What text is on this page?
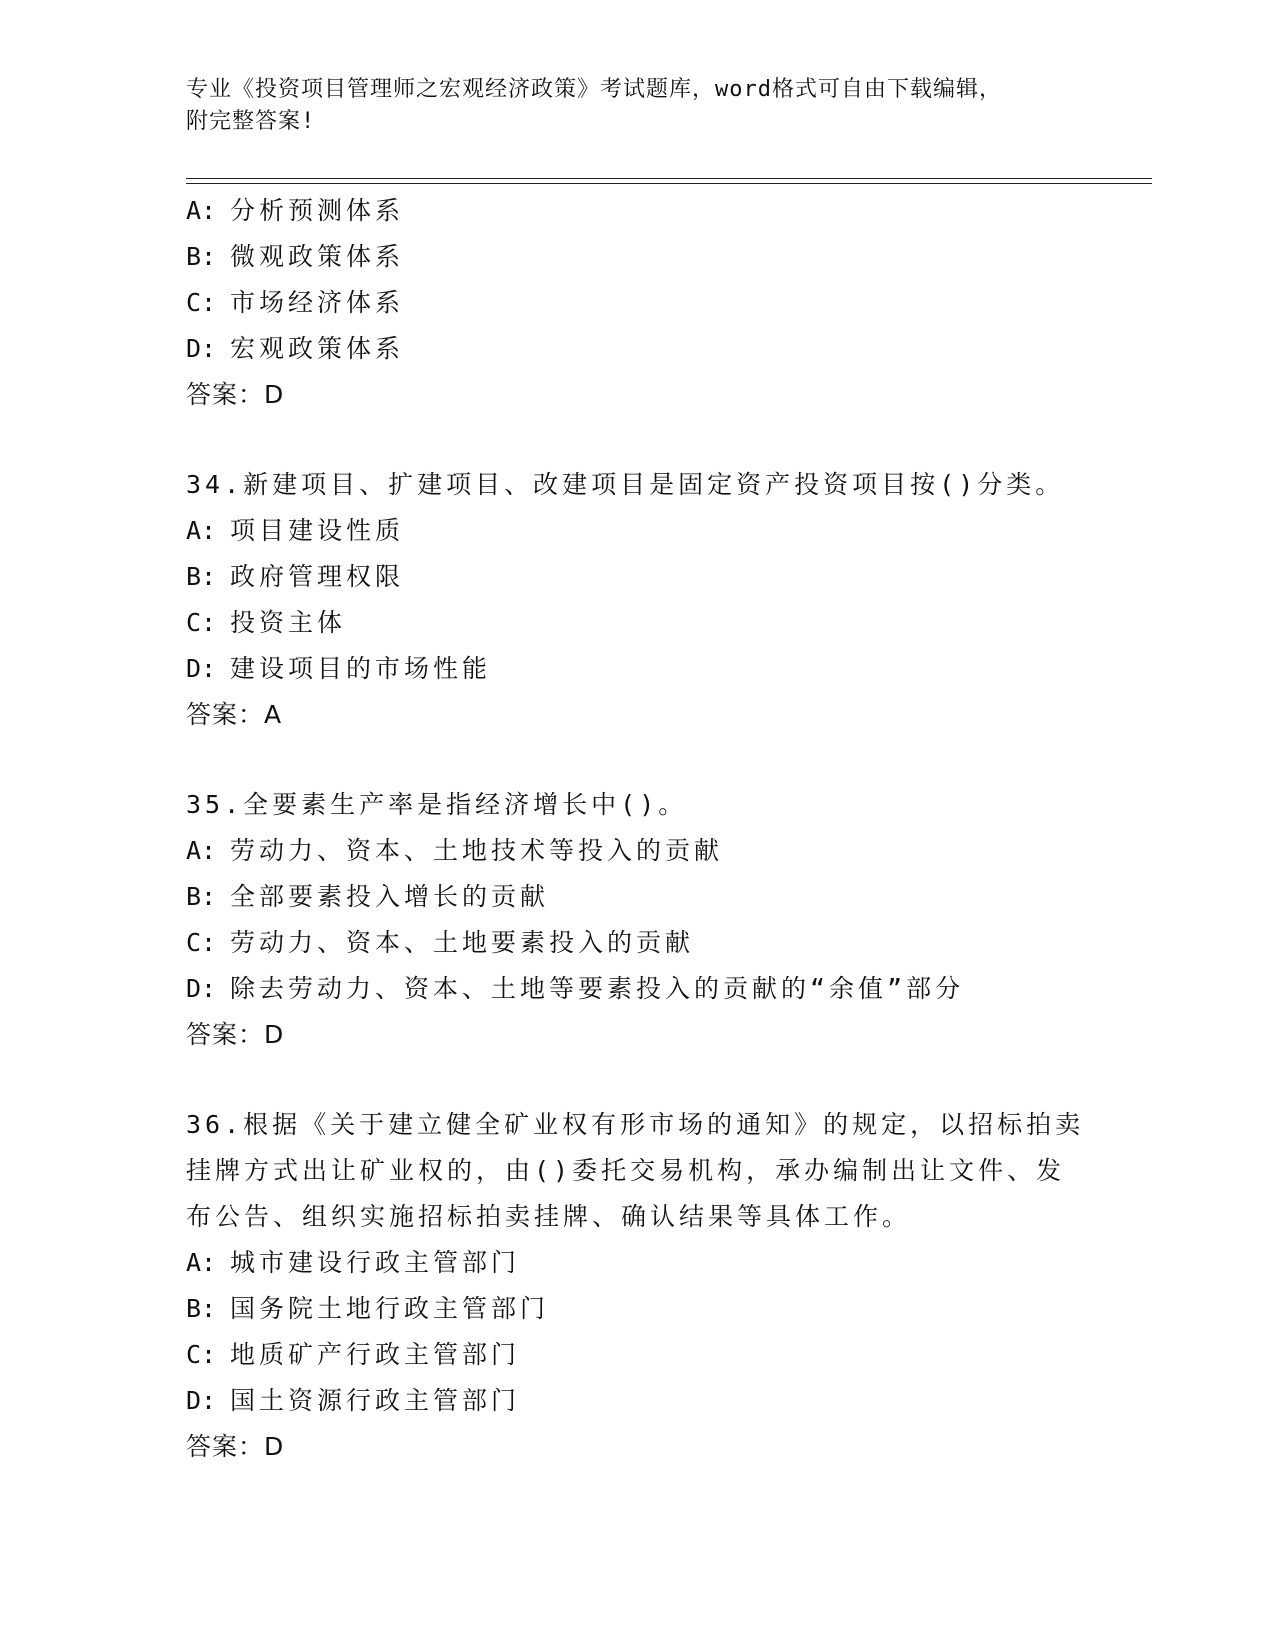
专业《投资项目管理师之宏观经济政策》考试题库，word格式可自由下载编辑，
附完整答案!
A: 分析预测体系
B: 微观政策体系
C: 市场经济体系
D: 宏观政策体系
答案：D
34.新建项目、扩建项目、改建项目是固定资产投资项目按()分类。
A: 项目建设性质
B: 政府管理权限
C: 投资主体
D: 建设项目的市场性能
答案：A
35.全要素生产率是指经济增长中()。
A: 劳动力、资本、土地技术等投入的贡献
B: 全部要素投入增长的贡献
C: 劳动力、资本、土地要素投入的贡献
D: 除去劳动力、资本、土地等要素投入的贡献的“余值”部分
答案：D
36.根据《关于建立健全矿业权有形市场的通知》的规定，以招标拍卖
挂牌方式出让矿业权的，由()委托交易机构，承办编制出让文件、发
布公告、组织实施招标拍卖挂牌、确认结果等具体工作。
A: 城市建设行政主管部门
B: 国务院土地行政主管部门
C: 地质矿产行政主管部门
D: 国土资源行政主管部门
答案：D
